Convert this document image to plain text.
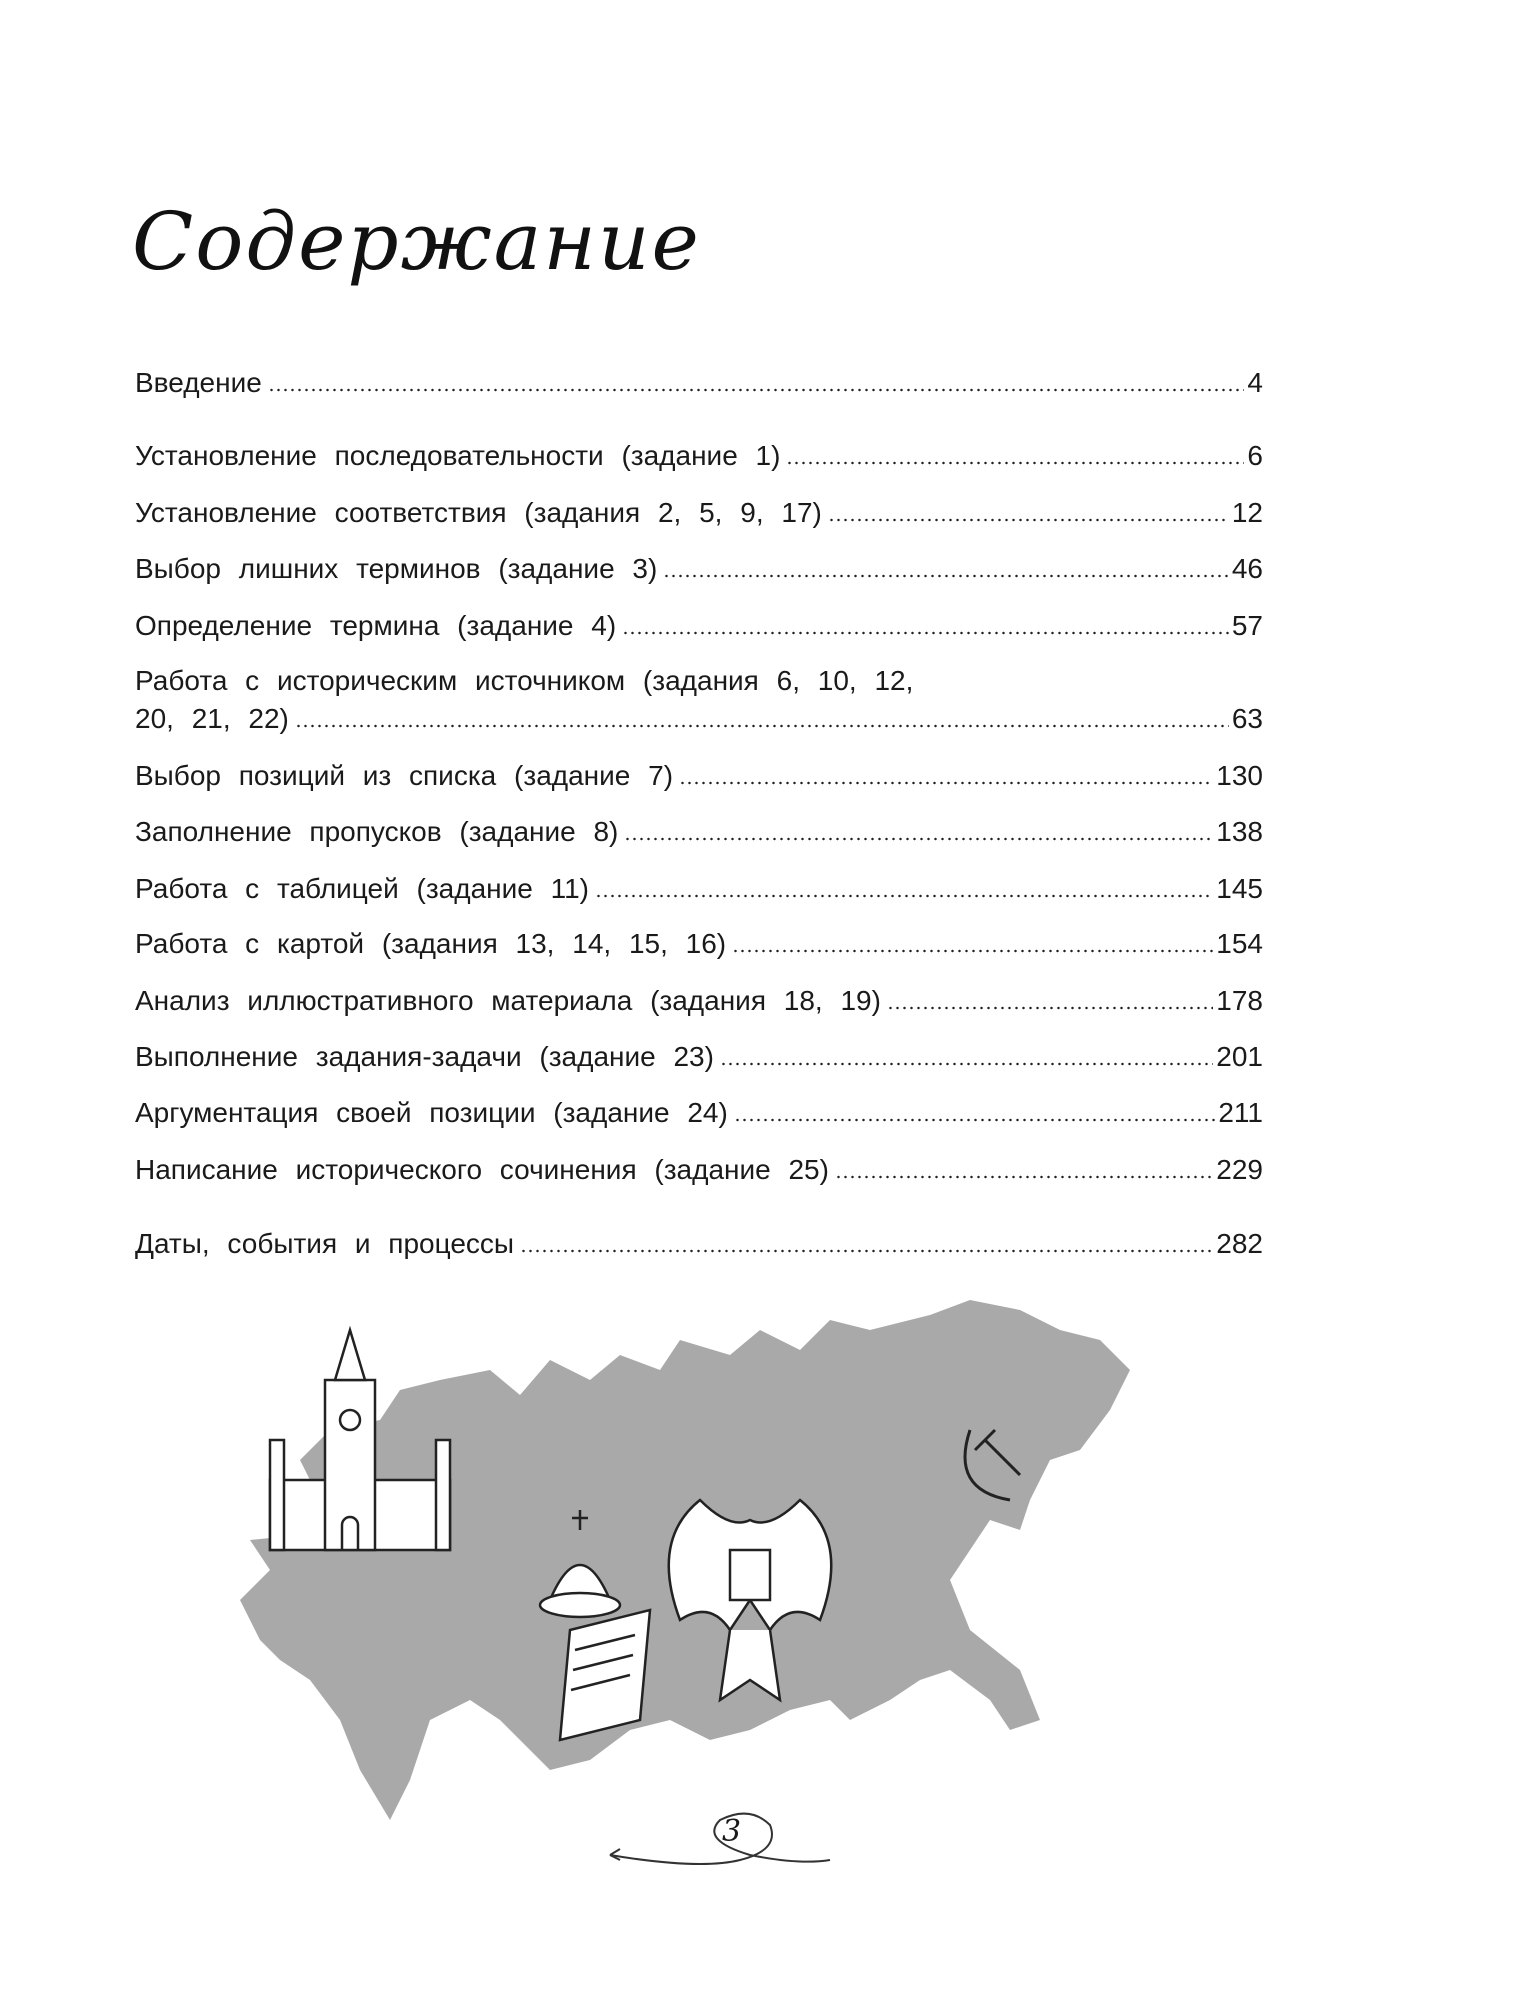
Содержание
Введение	4
Установление последовательности (задание 1)	6
Установление соответствия (задания 2, 5, 9, 17)	12
Выбор лишних терминов (задание 3)	46
Определение термина (задание 4)	57
Работа с историческим источником (задания 6, 10, 12,
20, 21, 22)	63
Выбор позиций из списка (задание 7)	130
Заполнение пропусков (задание 8)	138
Работа с таблицей (задание 11)	145
Работа с картой (задания 13, 14, 15, 16)	154
Анализ иллюстративного материала (задания 18, 19)	178
Выполнение задания-задачи (задание 23)	201
Аргументация своей позиции (задание 24)	211
Написание исторического сочинения (задание 25)	229
Даты, события и процессы	282
3
